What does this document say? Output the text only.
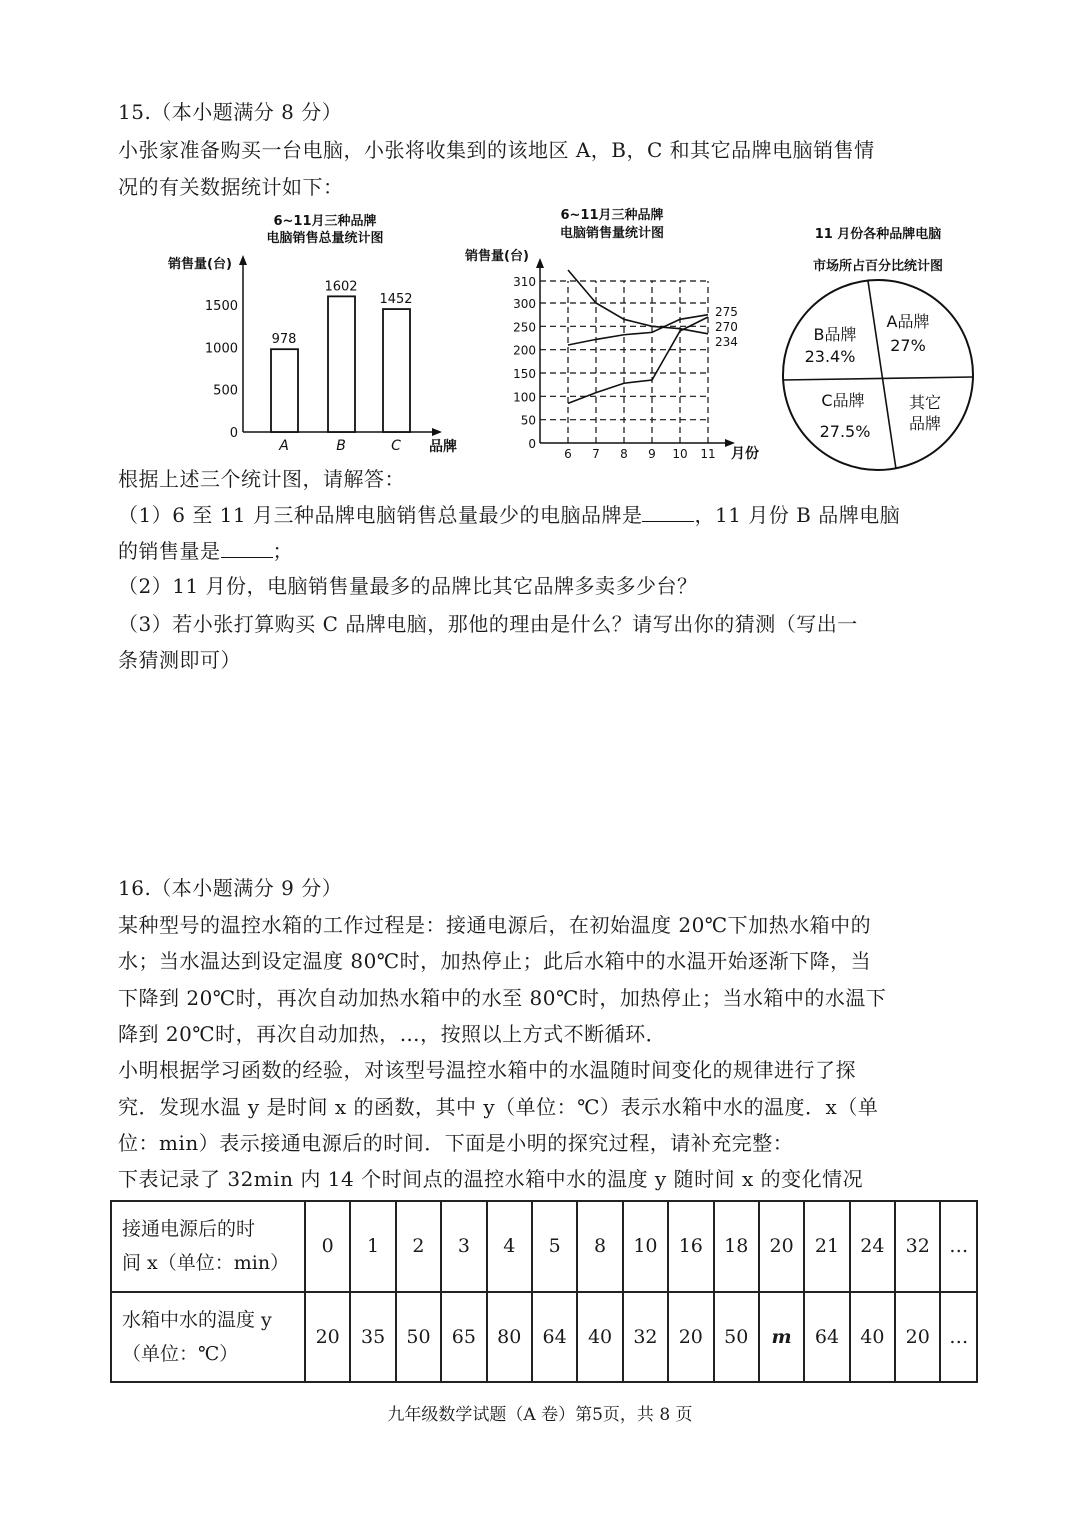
15.（本小题满分 8 分）
小张家准备购买一台电脑，小张将收集到的该地区 A，B，C 和其它品牌电脑销售情
况的有关数据统计如下：
6~11月三种品牌
电脑销售总量统计图
销售量(台)
0
500
1000
1500
978
A
1602
B
1452
C 品牌
6~11月三种品牌
电脑销售量统计图
销售量(台)
0
50
100
150
200
250
300
310
6 7 8 9 10 11 月份
234
275
270
11 月份各种品牌电脑
市场所占百分比统计图
A品牌
27%
B品牌
23.4%
C品牌
27.5%
其它品牌
根据上述三个统计图，请解答：
（1）6 至 11 月三种品牌电脑销售总量最少的电脑品牌是	，11 月份 B 品牌电脑
的销售量是	；
（2）11 月份，电脑销售量最多的品牌比其它品牌多卖多少台？
（3）若小张打算购买 C 品牌电脑，那他的理由是什么？请写出你的猜测（写出一
条猜测即可）
16.（本小题满分 9 分）
某种型号的温控水箱的工作过程是：接通电源后，在初始温度 20℃下加热水箱中的
水；当水温达到设定温度 80℃时，加热停止；此后水箱中的水温开始逐渐下降，当
下降到 20℃时，再次自动加热水箱中的水至 80℃时，加热停止；当水箱中的水温下
降到 20℃时，再次自动加热，…，按照以上方式不断循环．
小明根据学习函数的经验，对该型号温控水箱中的水温随时间变化的规律进行了探
究．发现水温 y 是时间 x 的函数，其中 y（单位：℃）表示水箱中水的温度．x（单
位：min）表示接通电源后的时间．下面是小明的探究过程，请补充完整：
下表记录了 32min 内 14 个时间点的温控水箱中水的温度 y 随时间 x 的变化情况
接通电源后的时
间 x（单位：min）	0	1	2	3	4	5	8	10	16	18	20	21	24	32	…

水箱中水的温度 y
（单位：℃）	20	35	50	65	80	64	40	32	20	50	m	64	40	20	…
九年级数学试题（A 卷）第5页，共 8 页
